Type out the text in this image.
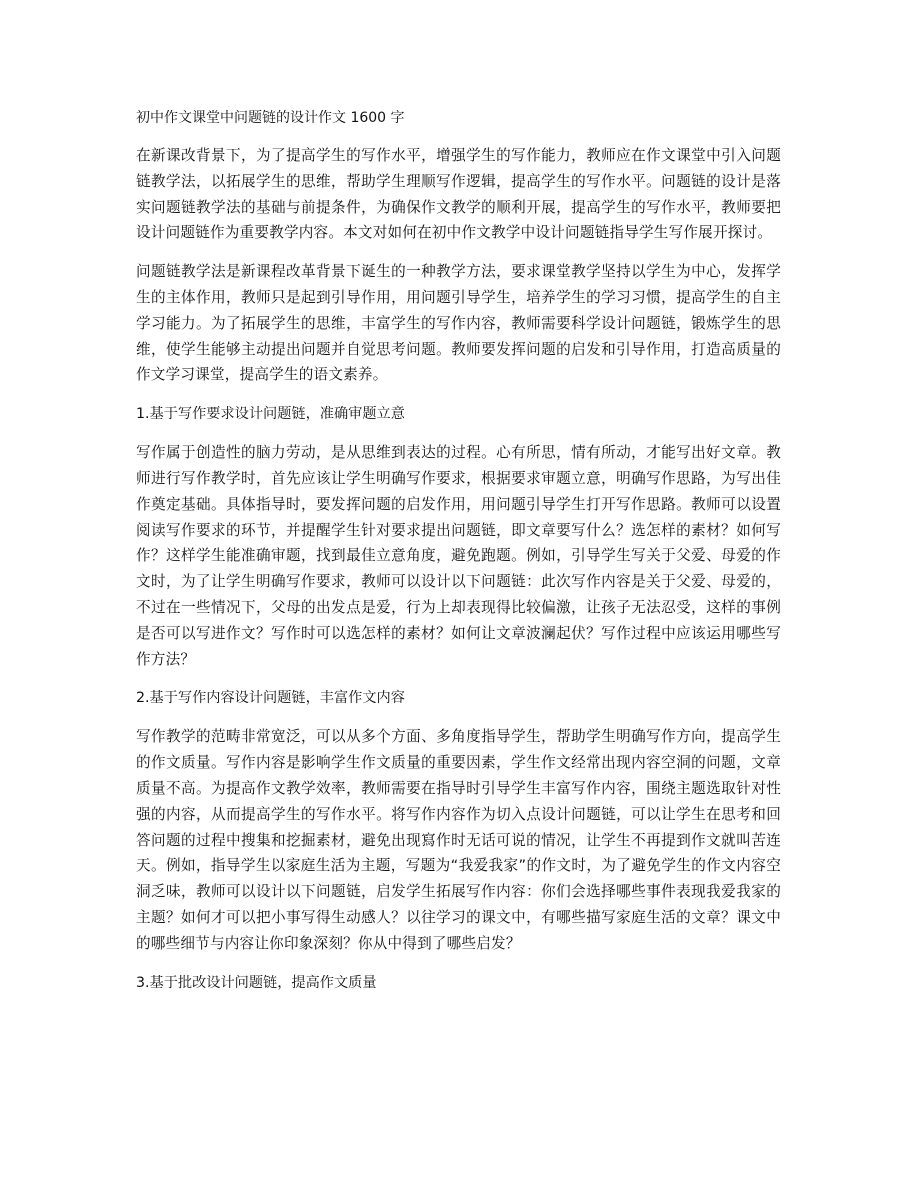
初中作文课堂中问题链的设计作文 1600 字

在新课改背景下，为了提高学生的写作水平，增强学生的写作能力，教师应在作文课堂中引入问题链教学法，以拓展学生的思维，帮助学生理顺写作逻辑，提高学生的写作水平。问题链的设计是落实问题链教学法的基础与前提条件，为确保作文教学的顺利开展，提高学生的写作水平，教师要把设计问题链作为重要教学内容。本文对如何在初中作文教学中设计问题链指导学生写作展开探讨。

问题链教学法是新课程改革背景下诞生的一种教学方法，要求课堂教学坚持以学生为中心，发挥学生的主体作用，教师只是起到引导作用，用问题引导学生，培养学生的学习习惯，提高学生的自主学习能力。为了拓展学生的思维，丰富学生的写作内容，教师需要科学设计问题链，锻炼学生的思维，使学生能够主动提出问题并自觉思考问题。教师要发挥问题的启发和引导作用，打造高质量的作文学习课堂，提高学生的语文素养。

1.基于写作要求设计问题链，准确审题立意

写作属于创造性的脑力劳动，是从思维到表达的过程。心有所思，情有所动，才能写出好文章。教师进行写作教学时，首先应该让学生明确写作要求，根据要求审题立意，明确写作思路，为写出佳作奠定基础。具体指导时，要发挥问题的启发作用，用问题引导学生打开写作思路。教师可以设置阅读写作要求的环节，并提醒学生针对要求提出问题链，即文章要写什么？选怎样的素材？如何写作？这样学生能准确审题，找到最佳立意角度，避免跑题。例如，引导学生写关于父爱、母爱的作文时，为了让学生明确写作要求，教师可以设计以下问题链：此次写作内容是关于父爱、母爱的，不过在一些情况下，父母的出发点是爱，行为上却表现得比较偏激，让孩子无法忍受，这样的事例是否可以写进作文？写作时可以选怎样的素材？如何让文章波澜起伏？写作过程中应该运用哪些写作方法？

2.基于写作内容设计问题链，丰富作文内容

写作教学的范畴非常宽泛，可以从多个方面、多角度指导学生，帮助学生明确写作方向，提高学生的作文质量。写作内容是影响学生作文质量的重要因素，学生作文经常出现内容空洞的问题，文章质量不高。为提高作文教学效率，教师需要在指导时引导学生丰富写作内容，围绕主题选取针对性强的内容，从而提高学生的写作水平。将写作内容作为切入点设计问题链，可以让学生在思考和回答问题的过程中搜集和挖掘素材，避免出现寫作时无话可说的情况，让学生不再提到作文就叫苦连天。例如，指导学生以家庭生活为主题，写题为“我爱我家”的作文时，为了避免学生的作文内容空洞乏味，教师可以设计以下问题链，启发学生拓展写作内容：你们会选择哪些事件表现我爱我家的主题？如何才可以把小事写得生动感人？以往学习的课文中，有哪些描写家庭生活的文章？课文中的哪些细节与内容让你印象深刻？你从中得到了哪些启发？

3.基于批改设计问题链，提高作文质量
